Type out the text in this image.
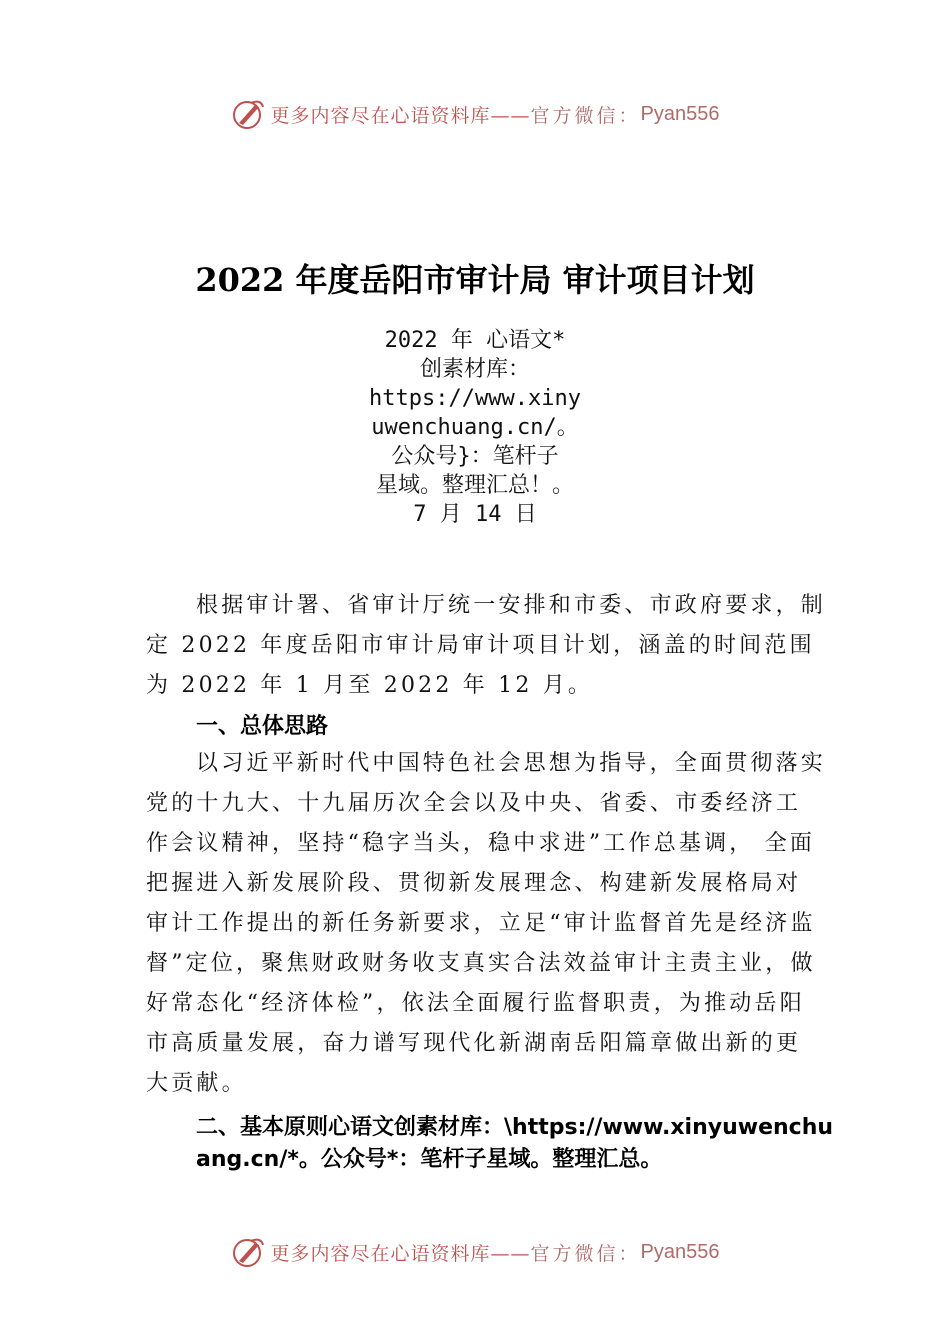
更多内容尽在心语资料库—— 官方微信： Pyan556
2022 年度岳阳市审计局 审计项目计划
2022 年 心语文*
创素材库：
https://www.xiny
uwenchuang.cn/。
公众号}：笔杆子
星域。整理汇总！。
7 月 14 日

根据审计署、省审计厅统一安排和市委、市政府要求，制定 2022 年度岳阳市审计局审计项目计划，涵盖的时间范围为 2022 年 1 月至 2022 年 12 月。

一、总体思路

以习近平新时代中国特色社会思想为指导，全面贯彻落实党的十九大、十九届历次全会以及中央、省委、市委经济工作会议精神，坚持“稳字当头，稳中求进”工作总基调， 全面把握进入新发展阶段、贯彻新发展理念、构建新发展格局对审计工作提出的新任务新要求，立足“审计监督首先是经济监督”定位，聚焦财政财务收支真实合法效益审计主责主业，做好常态化“经济体检”，依法全面履行监督职责，为推动岳阳市高质量发展，奋力谱写现代化新湖南岳阳篇章做出新的更大贡献。

二、基本原则心语文创素材库：\https://www.xinyuwenchuang.cn/*。公众号*：笔杆子星域。整理汇总。

更多内容尽在心语资料库—— 官方微信： Pyan556
